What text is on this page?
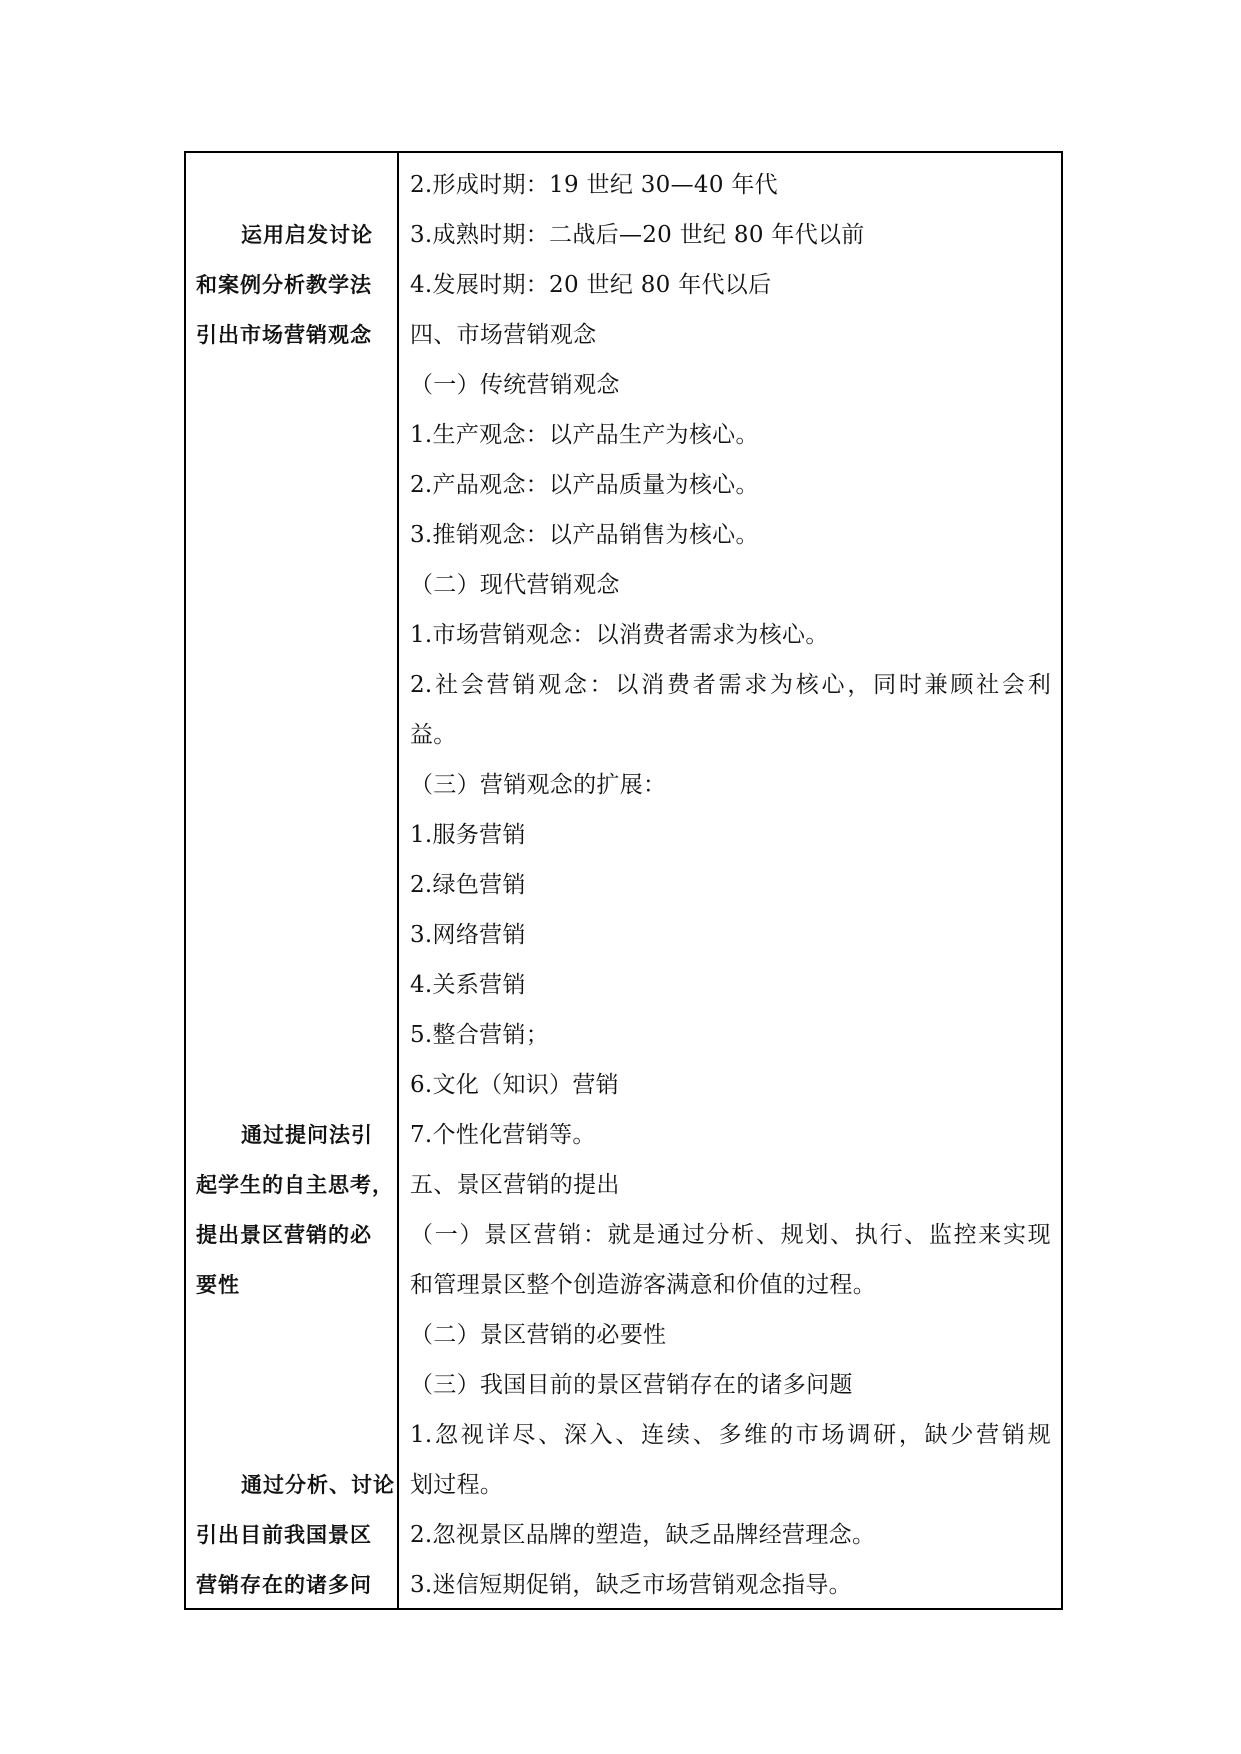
运用启发讨论
和案例分析教学法
引出市场营销观念
通过提问法引
起学生的自主思考，
提出景区营销的必
要性
通过分析、讨论
引出目前我国景区
营销存在的诸多问
2.形成时期：19 世纪 30—40 年代
3.成熟时期：二战后—20 世纪 80 年代以前
4.发展时期：20 世纪 80 年代以后
四、市场营销观念
（一）传统营销观念
1.生产观念：以产品生产为核心。
2.产品观念：以产品质量为核心。
3.推销观念：以产品销售为核心。
（二）现代营销观念
1.市场营销观念：以消费者需求为核心。
2.社会营销观念：以消费者需求为核心，同时兼顾社会利
益。
（三）营销观念的扩展：
1.服务营销
2.绿色营销
3.网络营销
4.关系营销
5.整合营销；
6.文化（知识）营销
7.个性化营销等。
五、景区营销的提出
（一）景区营销：就是通过分析、规划、执行、监控来实现
和管理景区整个创造游客满意和价值的过程。
（二）景区营销的必要性
（三）我国目前的景区营销存在的诸多问题
1.忽视详尽、深入、连续、多维的市场调研，缺少营销规
划过程。
2.忽视景区品牌的塑造，缺乏品牌经营理念。
3.迷信短期促销，缺乏市场营销观念指导。
